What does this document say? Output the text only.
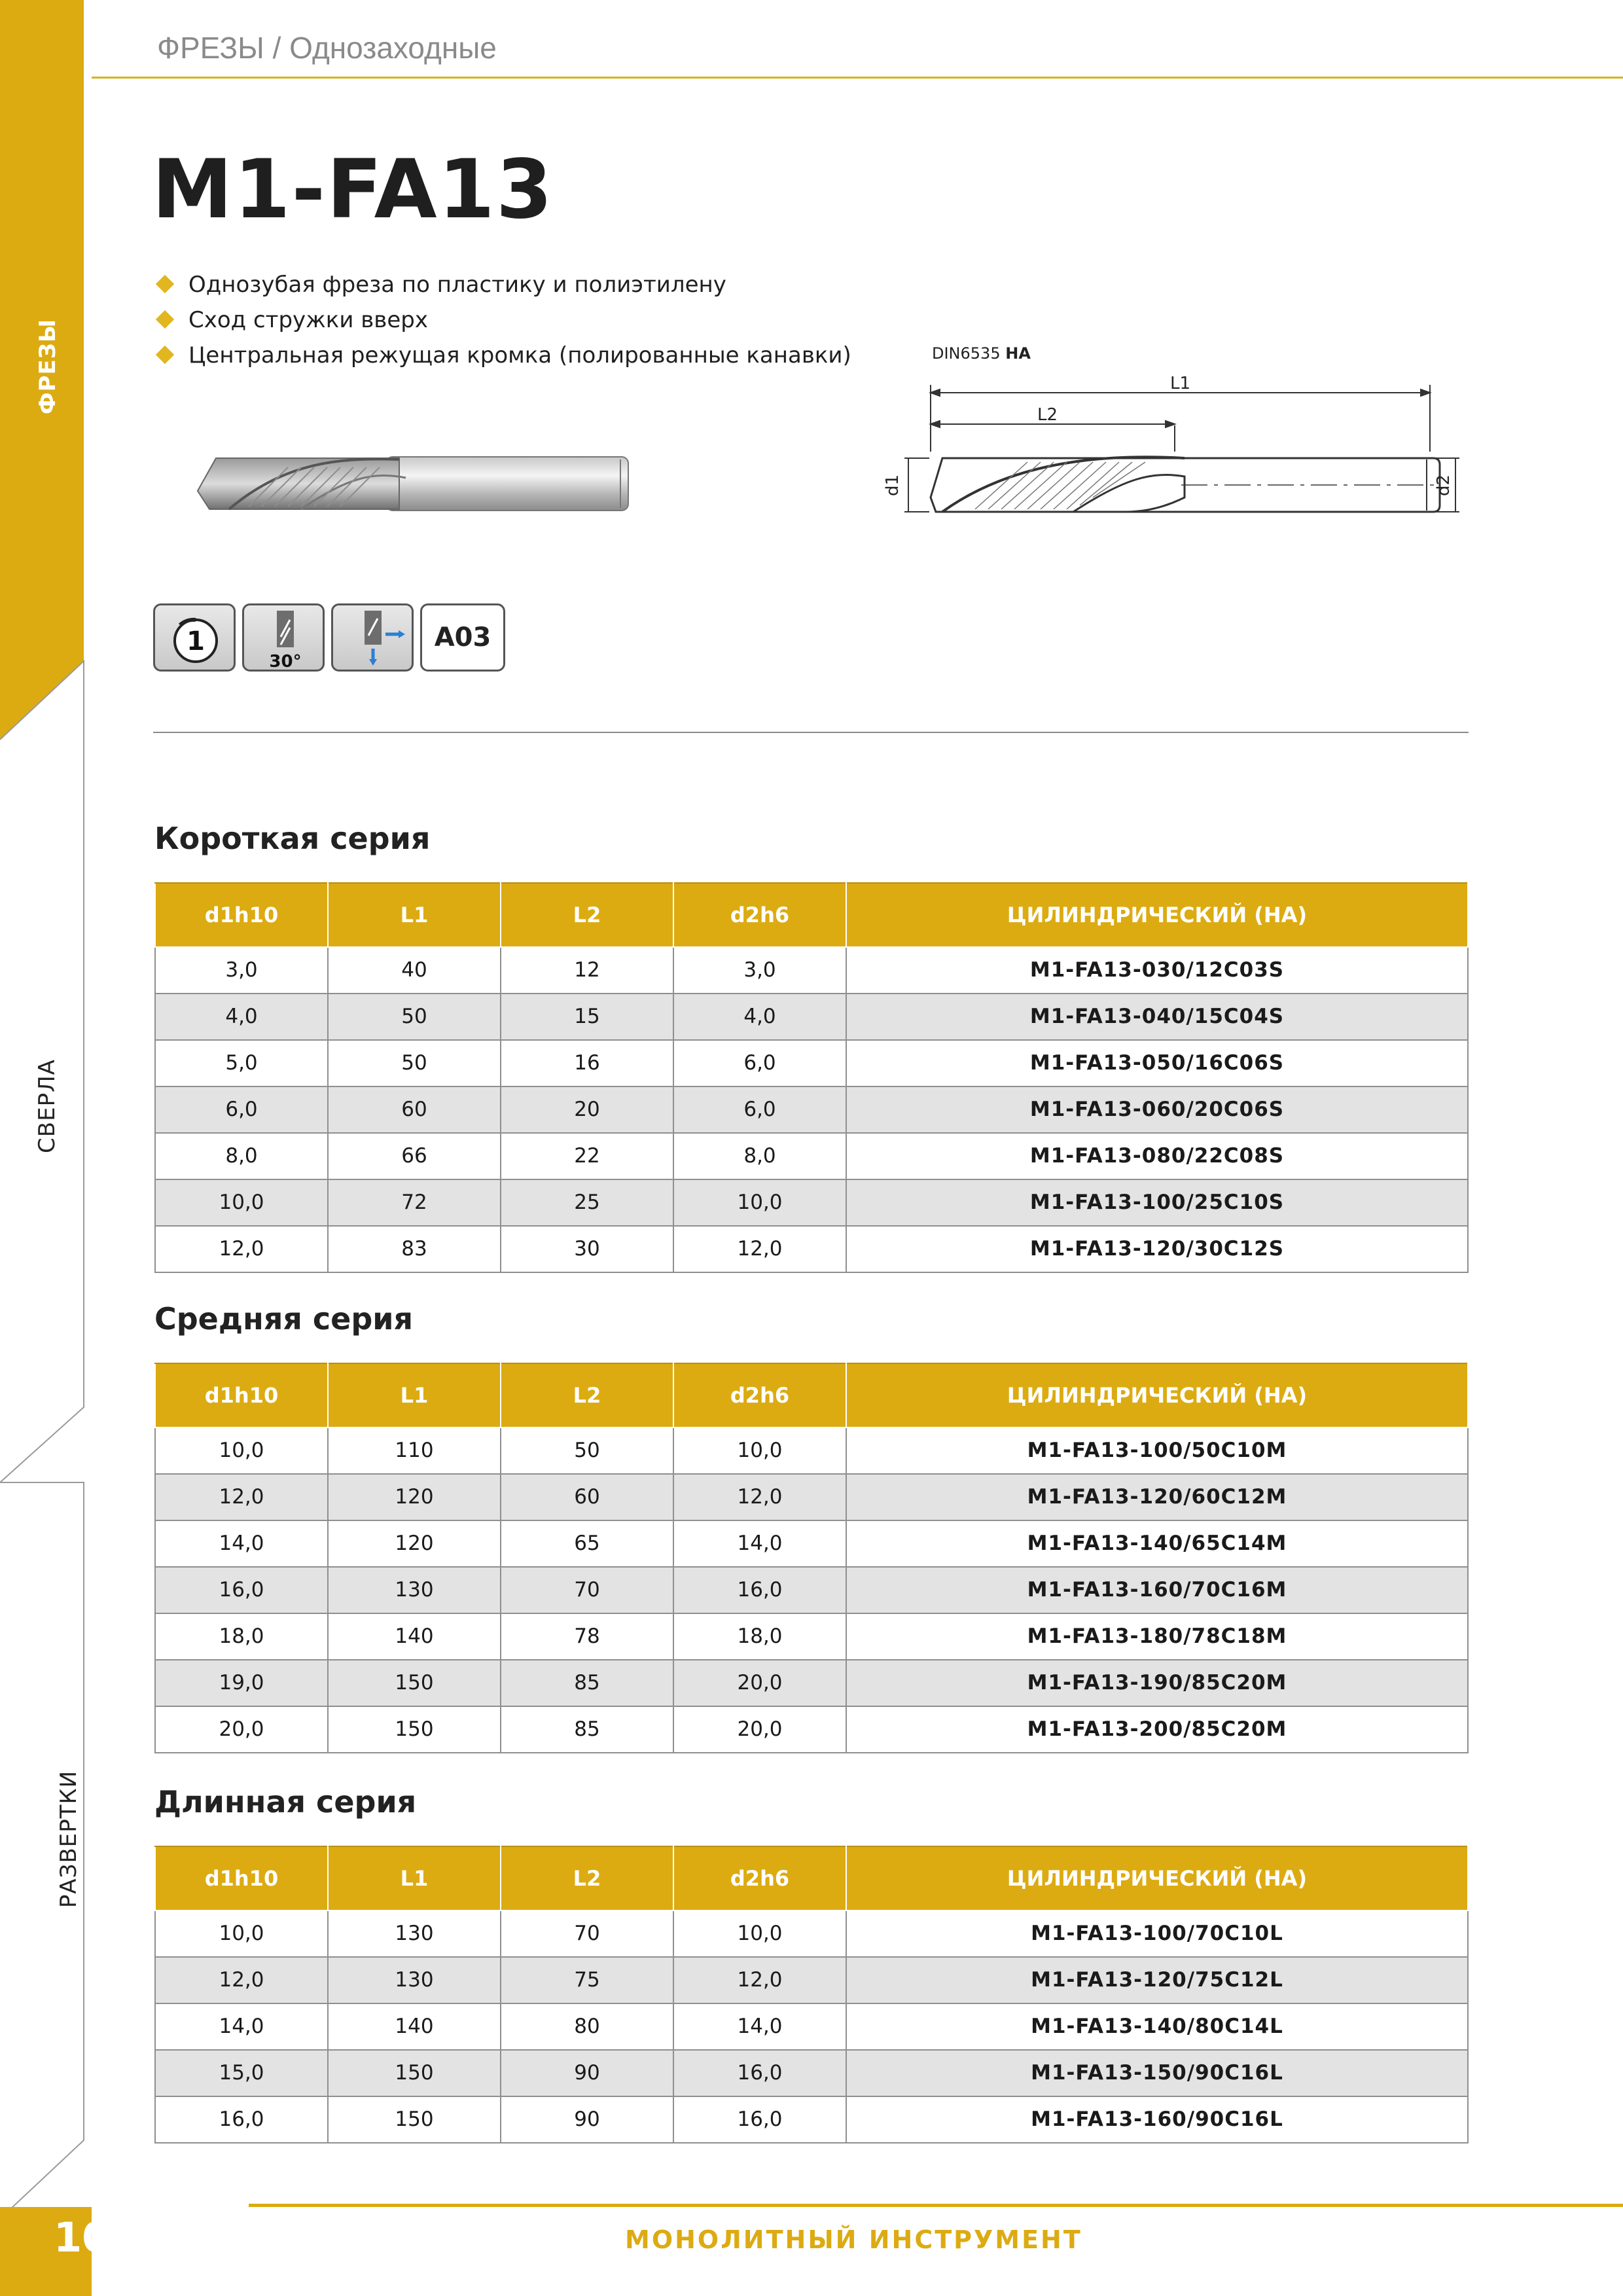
ФРЕЗЫ
СВЕРЛА
РАЗВЕРТКИ
ФРЕЗЫ / Однозаходные
M1-FA13
Однозубая фреза по пластику и полиэтилену
Сход стружки вверх
Центральная режущая кромка (полированные канавки)	DIN6535 HA
L1
L2
d1	d2
1
30°
A03
Короткая серия
d1h10	L1	L2	d2h6	ЦИЛИНДРИЧЕСКИЙ (НА)
3,0	40	12	3,0	M1-FA13-030/12C03S
4,0	50	15	4,0	M1-FA13-040/15C04S
5,0	50	16	6,0	M1-FA13-050/16C06S
6,0	60	20	6,0	M1-FA13-060/20C06S
8,0	66	22	8,0	M1-FA13-080/22C08S
10,0	72	25	10,0	M1-FA13-100/25C10S
12,0	83	30	12,0	M1-FA13-120/30C12S
Средняя серия
d1h10	L1	L2	d2h6	ЦИЛИНДРИЧЕСКИЙ (НА)
10,0	110	50	10,0	M1-FA13-100/50C10M
12,0	120	60	12,0	M1-FA13-120/60C12M
14,0	120	65	14,0	M1-FA13-140/65C14M
16,0	130	70	16,0	M1-FA13-160/70C16M
18,0	140	78	18,0	M1-FA13-180/78C18M
19,0	150	85	20,0	M1-FA13-190/85C20M
20,0	150	85	20,0	M1-FA13-200/85C20M
Длинная серия
d1h10	L1	L2	d2h6	ЦИЛИНДРИЧЕСКИЙ (НА)
10,0	130	70	10,0	M1-FA13-100/70C10L
12,0	130	75	12,0	M1-FA13-120/75C12L
14,0	140	80	14,0	M1-FA13-140/80C14L
15,0	150	90	16,0	M1-FA13-150/90C16L
16,0	150	90	16,0	M1-FA13-160/90C16L
108	МОНОЛИТНЫЙ ИНСТРУМЕНТ
